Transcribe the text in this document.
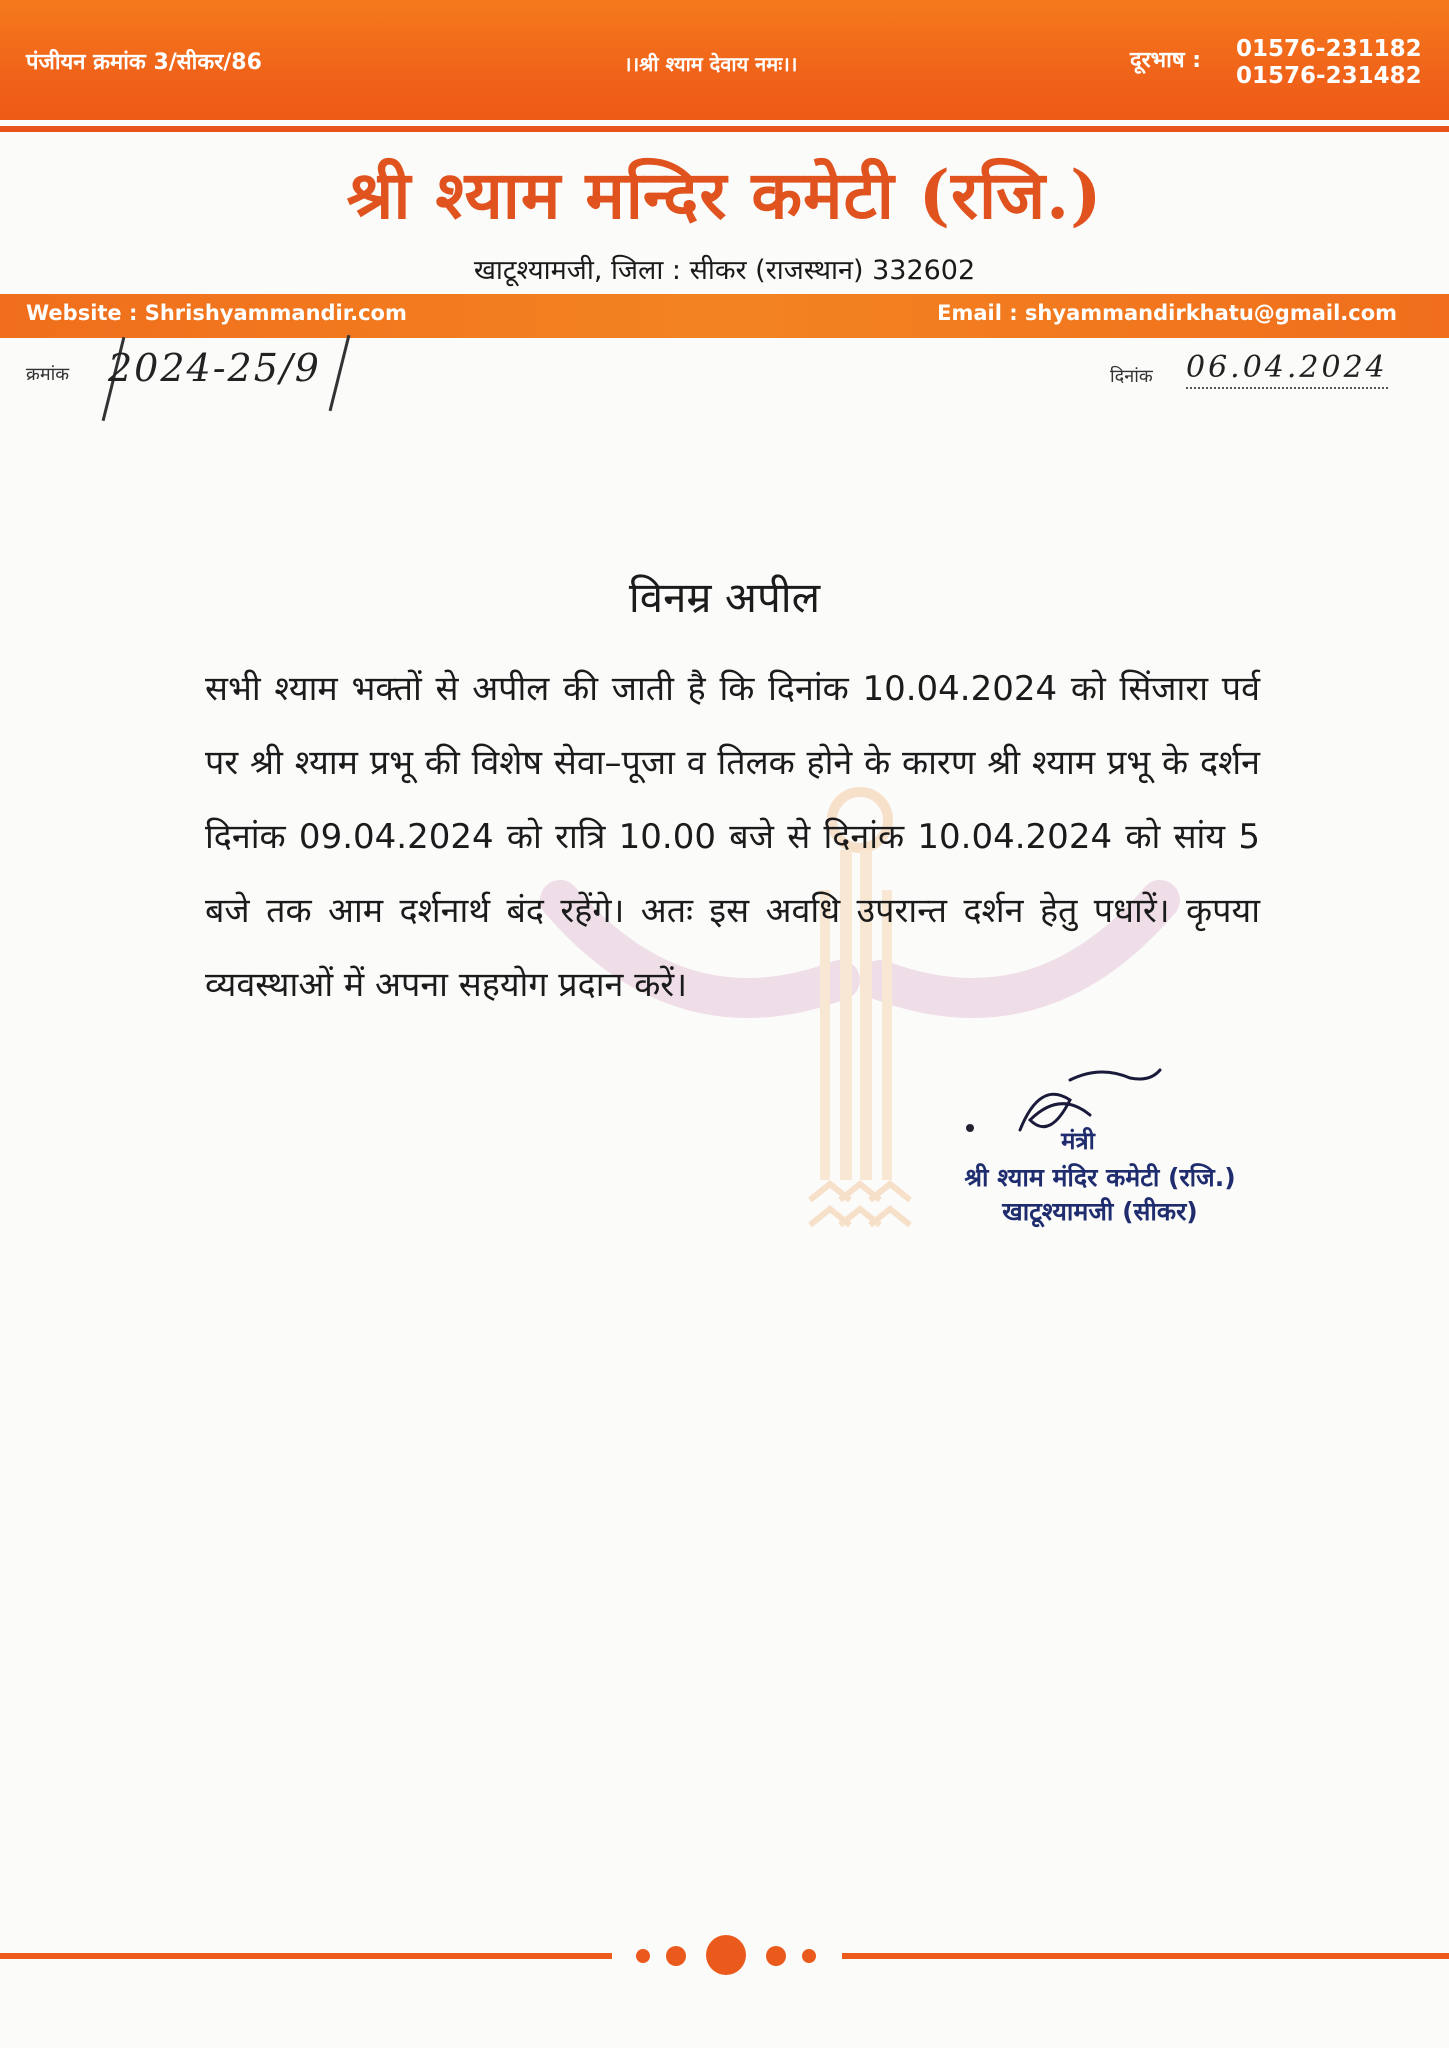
पंजीयन क्रमांक 3/सीकर/86	।।श्री श्याम देवाय नमः।।	दूरभाष : 01576-231182
01576-231482
श्री श्याम मन्दिर कमेटी (रजि.)
खाटूश्यामजी, जिला : सीकर (राजस्थान) 332602
Website : Shrishyammandir.com	Email : shyammandirkhatu@gmail.com
क्रमांक 2024-25/9	दिनांक 06.04.2024
विनम्र अपील
सभी श्याम भक्तों से अपील की जाती है कि दिनांक 10.04.2024 को सिंजारा पर्व पर श्री श्याम प्रभू की विशेष सेवा–पूजा व तिलक होने के कारण श्री श्याम प्रभू के दर्शन दिनांक 09.04.2024 को रात्रि 10.00 बजे से दिनांक 10.04.2024 को सांय 5 बजे तक आम दर्शनार्थ बंद रहेंगे। अतः इस अवधि उपरान्त दर्शन हेतु पधारें। कृपया व्यवस्थाओं में अपना सहयोग प्रदान करें।
मंत्री
श्री श्याम मंदिर कमेटी (रजि.)
खाटूश्यामजी (सीकर)
